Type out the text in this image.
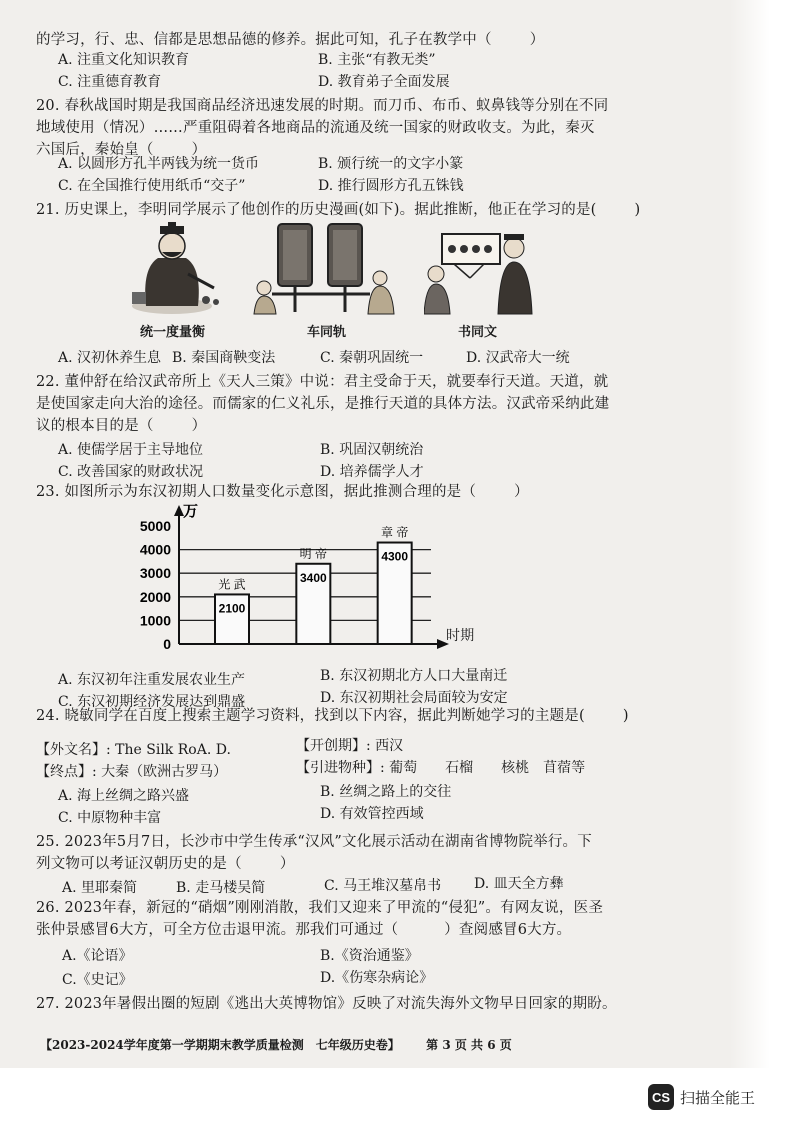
的学习，行、忠、信都是思想品德的修养。据此可知，孔子在教学中（	）
A. 注重文化知识教育	B. 主张“有教无类”
C. 注重德育教育	D. 教育弟子全面发展
20. 春秋战国时期是我国商品经济迅速发展的时期。而刀币、布币、蚁鼻钱等分别在不同
地域使用（情况）……严重阻碍着各地商品的流通及统一国家的财政收支。为此，秦灭
六国后，秦始皇（	）
A. 以圆形方孔半两钱为统一货币	B. 颁行统一的文字小篆
C. 在全国推行使用纸币“交子”	D. 推行圆形方孔五铢钱
21. 历史课上，李明同学展示了他创作的历史漫画(如下)。据此推断，他正在学习的是(	)
统一度量衡	车同轨	书同文
A. 汉初休养生息 B. 秦国商鞅变法	C. 秦朝巩固统一	D. 汉武帝大一统
22. 董仲舒在给汉武帝所上《天人三策》中说：君主受命于天，就要奉行天道。天道，就
是使国家走向大治的途径。而儒家的仁义礼乐，是推行天道的具体方法。汉武帝采纳此建
议的根本目的是（	）
A. 使儒学居于主导地位	B. 巩固汉朝统治
C. 改善国家的财政状况	D. 培养儒学人才
23. 如图所示为东汉初期人口数量变化示意图，据此推测合理的是（	）
2100
光 武	3400
明 帝	4300
章 帝
0
1000
2000
3000
4000
5000
万
时期
A. 东汉初年注重发展农业生产	B. 东汉初期北方人口大量南迁
C. 东汉初期经济发展达到鼎盛	D. 东汉初期社会局面较为安定
24. 晓敏同学在百度上搜索主题学习资料，找到以下内容，据此判断她学习的主题是(	)
【外文名】: The Silk RoA. D.	【开创期】: 西汉
【终点】: 大秦（欧洲古罗马）	【引进物种】: 葡萄　　石榴　　核桃　苜蓿等
A. 海上丝绸之路兴盛	B. 丝绸之路上的交往
C. 中原物种丰富	D. 有效管控西域
25. 2023年5月7日，长沙市中学生传承“汉风”文化展示活动在湖南省博物院举行。下
列文物可以考证汉朝历史的是（	）
A. 里耶秦简	B. 走马楼吴简	C. 马王堆汉墓帛书 D. 皿天全方彝
26. 2023年春，新冠的“硝烟”刚刚消散，我们又迎来了甲流的“侵犯”。有网友说，医圣
张仲景感冒6大方，可全方位击退甲流。那我们可通过（	）查阅感冒6大方。
A.《论语》	B.《资治通鉴》
C.《史记》	D.《伤寒杂病论》
27. 2023年暑假出圈的短剧《逃出大英博物馆》反映了对流失海外文物早日回家的期盼。
【2023-2024学年度第一学期期末教学质量检测　七年级历史卷】 第 3 页 共 6 页
CS 扫描全能王
